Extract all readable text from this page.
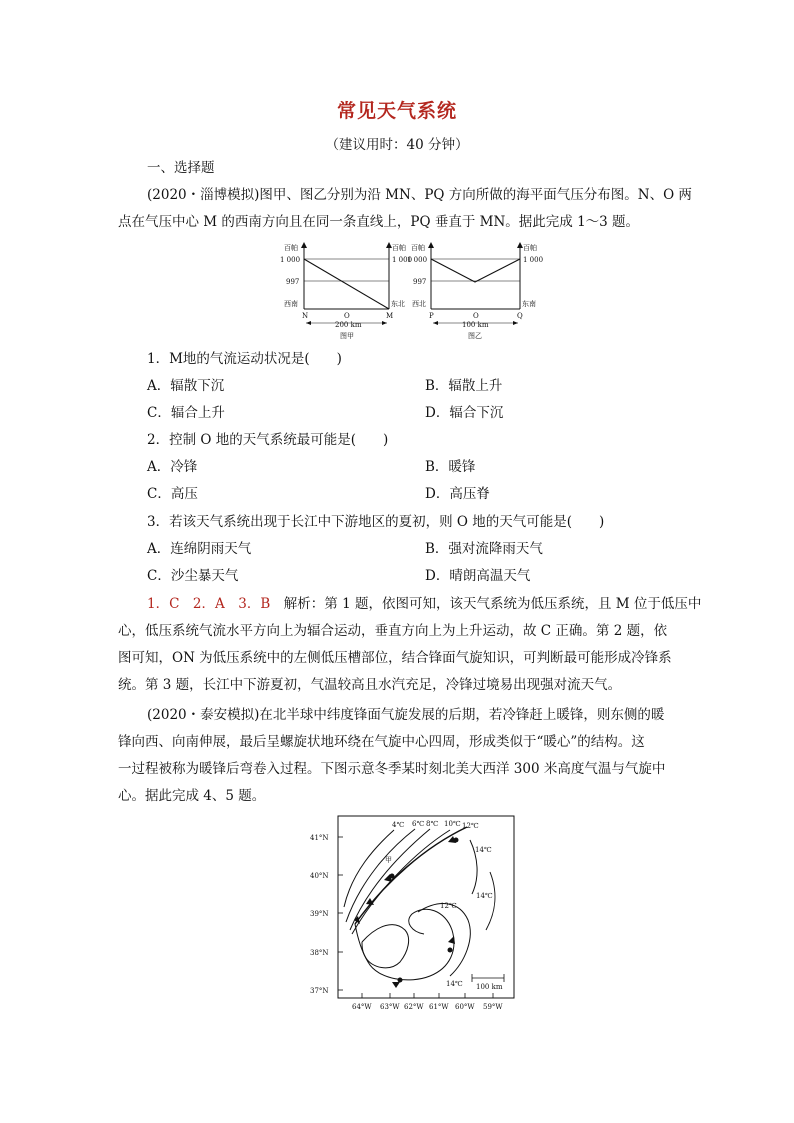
常见天气系统
（建议用时：40 分钟）
一、选择题
(2020・淄博模拟)图甲、图乙分别为沿 MN、PQ 方向所做的海平面气压分布图。N、O 两
点在气压中心 M 的西南方向且在同一条直线上，PQ 垂直于 MN。据此完成 1～3 题。
百帕
1 000
997
百帕
1 000
西南	东北
N	O	M
200 km
图甲
百帕
1 000
997
百帕
1 000
西北	东南
P	O	Q
100 km
图乙
1．M地的气流运动状况是(　　)
A．辐散下沉	B．辐散上升
C．辐合上升	D．辐合下沉
2．控制 O 地的天气系统最可能是(　　)
A．冷锋	B．暖锋
C．高压	D．高压脊
3．若该天气系统出现于长江中下游地区的夏初，则 O 地的天气可能是(　　)
A．连绵阴雨天气	B．强对流降雨天气
C．沙尘暴天气	D．晴朗高温天气
1．C　2．A　3．B　解析：第 1 题，依图可知，该天气系统为低压系统，且 M 位于低压中
心，低压系统气流水平方向上为辐合运动，垂直方向上为上升运动，故 C 正确。第 2 题，依
图可知，ON 为低压系统中的左侧低压槽部位，结合锋面气旋知识，可判断最可能形成冷锋系
统。第 3 题，长江中下游夏初，气温较高且水汽充足，冷锋过境易出现强对流天气。
(2020・泰安模拟)在北半球中纬度锋面气旋发展的后期，若冷锋赶上暖锋，则东侧的暖
锋向西、向南伸展，最后呈螺旋状地环绕在气旋中心四周，形成类似于“暖心”的结构。这
一过程被称为暖锋后弯卷入过程。下图示意冬季某时刻北美大西洋 300 米高度气温与气旋中
心。据此完成 4、5 题。
41°N
40°N
39°N
38°N
37°N
64°W 63°W 62°W 61°W 60°W 59°W
4℃ 6℃ 8℃ 10℃ 12℃
14℃
14℃
12℃
14℃
甲
100 km
